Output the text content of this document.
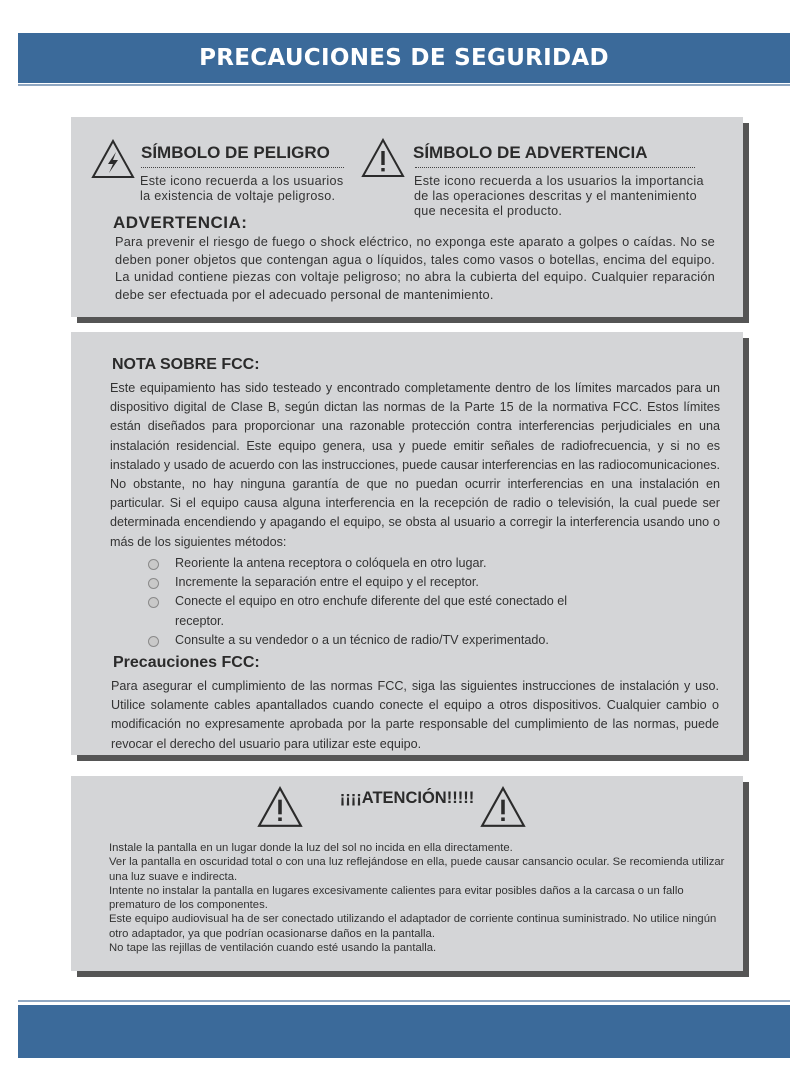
PRECAUCIONES DE SEGURIDAD
SÍMBOLO DE PELIGRO
Este icono recuerda a los usuarios
la existencia de voltaje peligroso.
SÍMBOLO DE ADVERTENCIA
Este icono recuerda a los usuarios la importancia
de las operaciones descritas y el mantenimiento
que necesita el producto.
ADVERTENCIA:
Para prevenir el riesgo de fuego o shock eléctrico, no exponga este aparato a golpes o caídas. No se deben poner objetos que contengan agua o líquidos, tales como vasos o botellas, encima del equipo. La unidad contiene piezas con voltaje peligroso; no abra la cubierta del equipo. Cualquier reparación debe ser efectuada por el adecuado personal de mantenimiento.
NOTA SOBRE FCC:
Este equipamiento has sido testeado y encontrado completamente dentro de los límites marcados para un dispositivo digital de Clase B, según dictan las normas de la Parte 15 de la normativa FCC. Estos límites están diseñados para proporcionar una razonable protección contra interferencias perjudiciales en una instalación residencial. Este equipo genera, usa y puede emitir señales de radiofrecuencia, y si no es instalado y usado de acuerdo con las instrucciones, puede causar interferencias en las radiocomunicaciones. No obstante, no hay ninguna garantía de que no puedan ocurrir interferencias en una instalación en particular. Si el equipo causa alguna interferencia en la recepción de radio o televisión, la cual puede ser determinada encendiendo y apagando el equipo, se obsta al usuario a corregir la interferencia usando uno o más de los siguientes métodos:
Reoriente la antena receptora o colóquela en otro lugar.
Incremente la separación entre el equipo y el receptor.
Conecte el equipo en otro enchufe diferente del que esté conectado el receptor.
Consulte a su vendedor o a un técnico de radio/TV experimentado.
Precauciones FCC:
Para asegurar el cumplimiento de las normas FCC, siga las siguientes instrucciones de instalación y uso. Utilice solamente cables apantallados cuando conecte el equipo a otros dispositivos. Cualquier cambio o modificación no expresamente aprobada por la parte responsable del cumplimiento de las normas, puede revocar el derecho del usuario para utilizar este equipo.
¡¡¡¡ATENCIÓN!!!!!

Instale la pantalla en un lugar donde la luz del sol no incida en ella directamente.

Ver la pantalla en oscuridad total o con una luz reflejándose en ella, puede causar cansancio ocular. Se recomienda utilizar una luz suave e indirecta.

Intente no instalar la pantalla en lugares excesivamente calientes para evitar posibles daños a la carcasa o un fallo prematuro de los componentes.

Este equipo audiovisual ha de ser conectado utilizando el adaptador de corriente continua suministrado. No utilice ningún otro adaptador, ya que podrían ocasionarse daños en la pantalla.

No tape las rejillas de ventilación cuando esté usando la pantalla.
